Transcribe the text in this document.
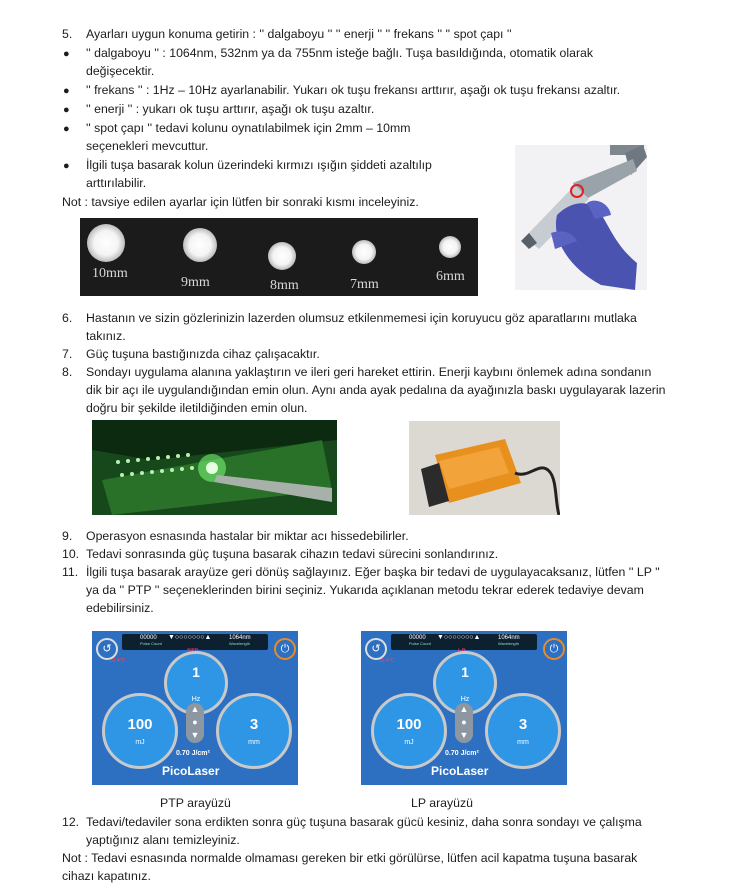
5. Ayarları uygun konuma getirin : '' dalgaboyu '' '' enerji '' '' frekans '' '' spot çapı ''
● '' dalgaboyu '' : 1064nm, 532nm ya da 755nm isteğe bağlı. Tuşa basıldığında, otomatik olarak
değişecektir.
● '' frekans '' : 1Hz – 10Hz ayarlanabilir. Yukarı ok tuşu frekansı arttırır, aşağı ok tuşu frekansı azaltır.
● '' enerji '' : yukarı ok tuşu arttırır, aşağı ok tuşu azaltır.
● '' spot çapı '' tedavi kolunu oynatılabilmek için 2mm – 10mm
seçenekleri mevcuttur.
● İlgili tuşa basarak kolun üzerindeki kırmızı ışığın şiddeti azaltılıp
arttırılabilir.
Not : tavsiye edilen ayarlar için lütfen bir sonraki kısmı inceleyiniz.
10mm
9mm	8mm	7mm
6mm
6. Hastanın ve sizin gözlerinizin lazerden olumsuz etkilenmemesi için koruyucu göz aparatlarını mutlaka
takınız.
7. Güç tuşuna bastığınızda cihaz çalışacaktır.
8. Sondayı uygulama alanına yaklaştırın ve ileri geri hareket ettirin. Enerji kaybını önlemek adına sondanın
dik bir açı ile uygulandığından emin olun. Aynı anda ayak pedalına da ayağınızla baskı uygulayarak lazerin
doğru bir şekilde iletildiğinden emin olun.
9. Operasyon esnasında hastalar bir miktar acı hissedebilirler.
10. Tedavi sonrasında güç tuşuna basarak cihazın tedavi sürecini sonlandırınız.
11. İlgili tuşa basarak arayüze geri dönüş sağlayınız. Eğer başka bir tedavi de uygulayacaksanız, lütfen '' LP ''
ya da '' PTP '' seçeneklerinden birini seçiniz. Yukarıda açıklanan metodu tekrar ederek tedaviye devam
edebilirsiniz.
00000
Pulse Count
▼○○○○○○○▲	1064nm
Wavelength
32.4°C
↺	⏻
1
Hz
100
mJ
3
mm
▲
●
▼
0.70 J/cm²
PicoLaser
PTP arayüzü
00000
Pulse Count
▼○○○○○○○▲	1064nm
Wavelength
32.4°C
↺	⏻
1
Hz
100
mJ
3
mm
▲
●
▼
0.70 J/cm²
PicoLaser
LP arayüzü
12. Tedavi/tedaviler sona erdikten sonra güç tuşuna basarak gücü kesiniz, daha sonra sondayı ve çalışma
yaptığınız alanı temizleyiniz.
Not : Tedavi esnasında normalde olmaması gereken bir etki görülürse, lütfen acil kapatma tuşuna basarak
cihazı kapatınız.
